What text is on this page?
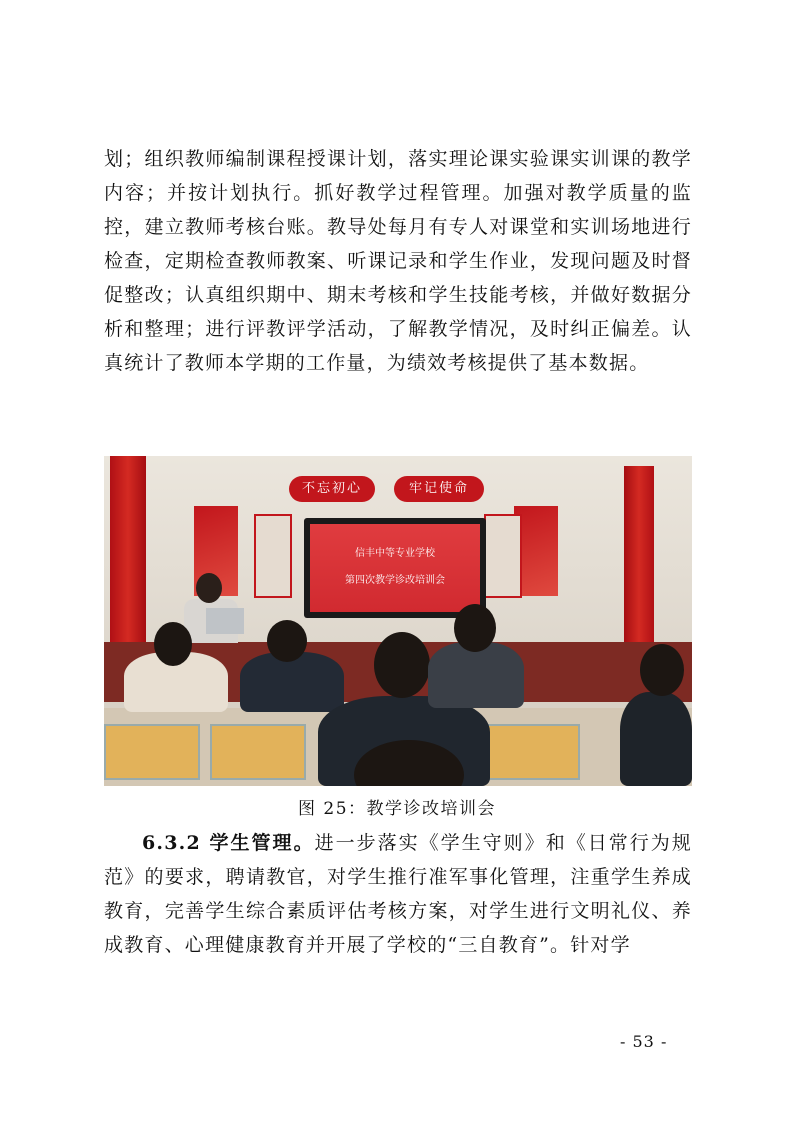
划；组织教师编制课程授课计划，落实理论课实验课实训课的教学内容；并按计划执行。抓好教学过程管理。加强对教学质量的监控，建立教师考核台账。教导处每月有专人对课堂和实训场地进行检查，定期检查教师教案、听课记录和学生作业，发现问题及时督促整改；认真组织期中、期末考核和学生技能考核，并做好数据分析和整理；进行评教评学活动，了解教学情况，及时纠正偏差。认真统计了教师本学期的工作量，为绩效考核提供了基本数据。

不忘初心	牢记使命
信丰中等专业学校
第四次教学诊改培训会

图 25：教学诊改培训会

6.3.2 学生管理。进一步落实《学生守则》和《日常行为规范》的要求，聘请教官，对学生推行准军事化管理，注重学生养成教育，完善学生综合素质评估考核方案，对学生进行文明礼仪、养成教育、心理健康教育并开展了学校的“三自教育”。针对学

- 53 -
